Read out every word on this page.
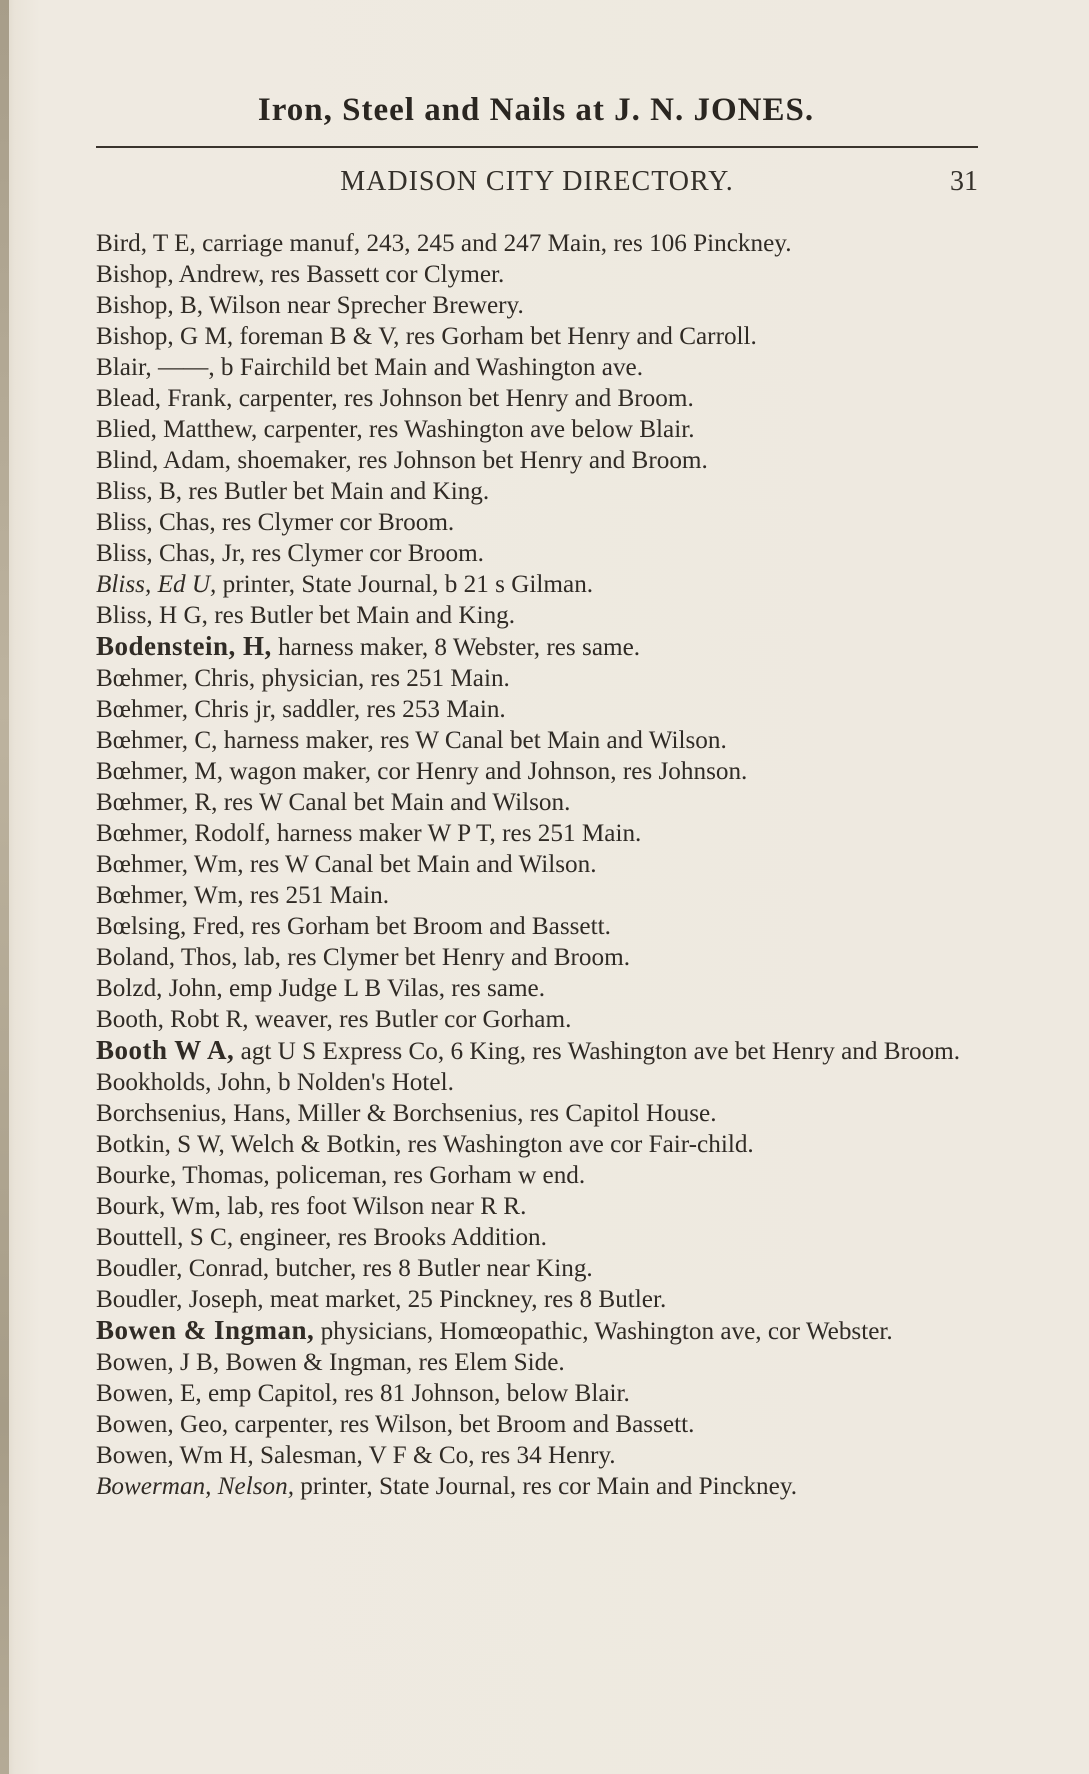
Iron, Steel and Nails at J. N. JONES.
MADISON CITY DIRECTORY.	31

Bird, T E, carriage manuf, 243, 245 and 247 Main, res 106 Pinckney.

Bishop, Andrew, res Bassett cor Clymer.

Bishop, B, Wilson near Sprecher Brewery.

Bishop, G M, foreman B & V, res Gorham bet Henry and Carroll.

Blair, ——, b Fairchild bet Main and Washington ave.

Blead, Frank, carpenter, res Johnson bet Henry and Broom.

Blied, Matthew, carpenter, res Washington ave below Blair.

Blind, Adam, shoemaker, res Johnson bet Henry and Broom.

Bliss, B, res Butler bet Main and King.

Bliss, Chas, res Clymer cor Broom.

Bliss, Chas, Jr, res Clymer cor Broom.

Bliss, Ed U, printer, State Journal, b 21 s Gilman.

Bliss, H G, res Butler bet Main and King.

Bodenstein, H, harness maker, 8 Webster, res same.

Bœhmer, Chris, physician, res 251 Main.

Bœhmer, Chris jr, saddler, res 253 Main.

Bœhmer, C, harness maker, res W Canal bet Main and Wilson.

Bœhmer, M, wagon maker, cor Henry and Johnson, res Johnson.

Bœhmer, R, res W Canal bet Main and Wilson.

Bœhmer, Rodolf, harness maker W P T, res 251 Main.

Bœhmer, Wm, res W Canal bet Main and Wilson.

Bœhmer, Wm, res 251 Main.

Bœlsing, Fred, res Gorham bet Broom and Bassett.

Boland, Thos, lab, res Clymer bet Henry and Broom.

Bolzd, John, emp Judge L B Vilas, res same.

Booth, Robt R, weaver, res Butler cor Gorham.

Booth W A, agt U S Express Co, 6 King, res Washington ave bet Henry and Broom.

Bookholds, John, b Nolden's Hotel.

Borchsenius, Hans, Miller & Borchsenius, res Capitol House.

Botkin, S W, Welch & Botkin, res Washington ave cor Fair-child.

Bourke, Thomas, policeman, res Gorham w end.

Bourk, Wm, lab, res foot Wilson near R R.

Bouttell, S C, engineer, res Brooks Addition.

Boudler, Conrad, butcher, res 8 Butler near King.

Boudler, Joseph, meat market, 25 Pinckney, res 8 Butler.

Bowen & Ingman, physicians, Homœopathic, Washington ave, cor Webster.

Bowen, J B, Bowen & Ingman, res Elem Side.

Bowen, E, emp Capitol, res 81 Johnson, below Blair.

Bowen, Geo, carpenter, res Wilson, bet Broom and Bassett.

Bowen, Wm H, Salesman, V F & Co, res 34 Henry.

Bowerman, Nelson, printer, State Journal, res cor Main and Pinckney.
